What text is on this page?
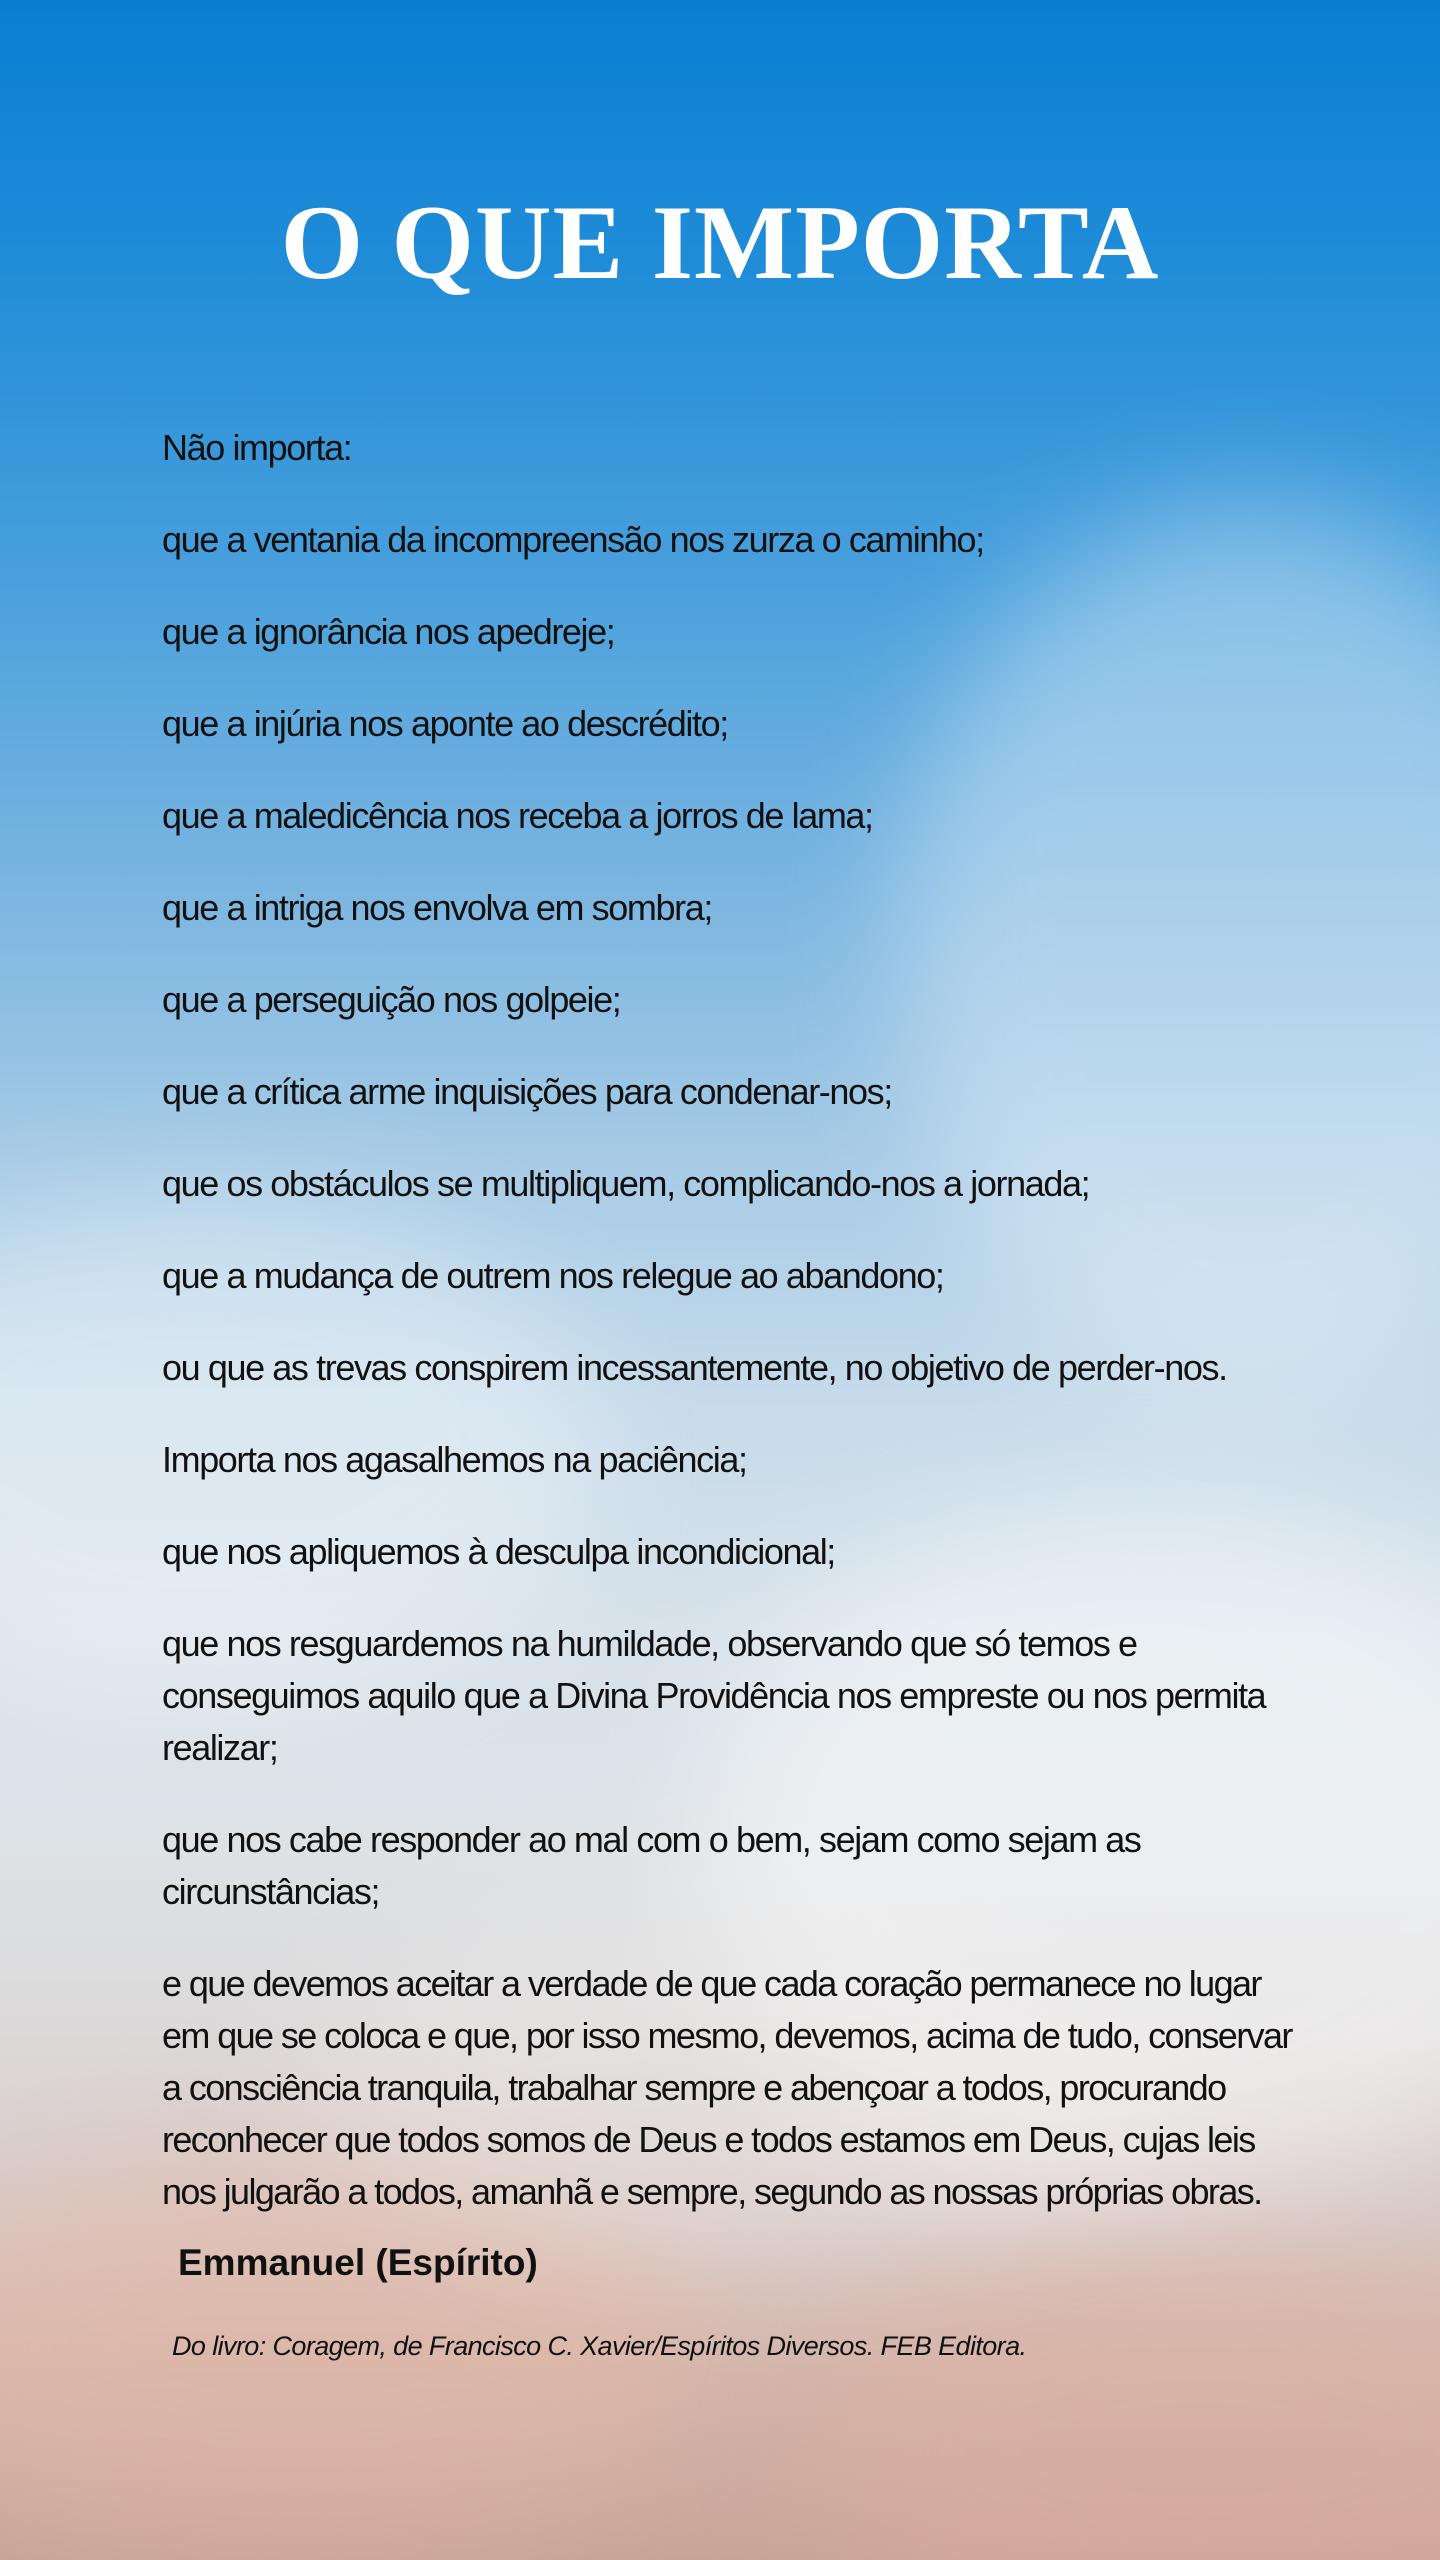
O QUE IMPORTA

Não importa:

que a ventania da incompreensão nos zurza o caminho;

que a ignorância nos apedreje;

que a injúria nos aponte ao descrédito;

que a maledicência nos receba a jorros de lama;

que a intriga nos envolva em sombra;

que a perseguição nos golpeie;

que a crítica arme inquisições para condenar-nos;

que os obstáculos se multipliquem, complicando-nos a jornada;

que a mudança de outrem nos relegue ao abandono;

ou que as trevas conspirem incessantemente, no objetivo de perder-nos.

Importa nos agasalhemos na paciência;

que nos apliquemos à desculpa incondicional;

que nos resguardemos na humildade, observando que só temos e conseguimos aquilo que a Divina Providência nos empreste ou nos permita realizar;

que nos cabe responder ao mal com o bem, sejam como sejam as circunstâncias;

e que devemos aceitar a verdade de que cada coração permanece no lugar em que se coloca e que, por isso mesmo, devemos, acima de tudo, conservar a consciência tranquila, trabalhar sempre e abençoar a todos, procurando reconhecer que todos somos de Deus e todos estamos em Deus, cujas leis nos julgarão a todos, amanhã e sempre, segundo as nossas próprias obras.

Emmanuel (Espírito)

Do livro: Coragem, de Francisco C. Xavier/Espíritos Diversos. FEB Editora.
